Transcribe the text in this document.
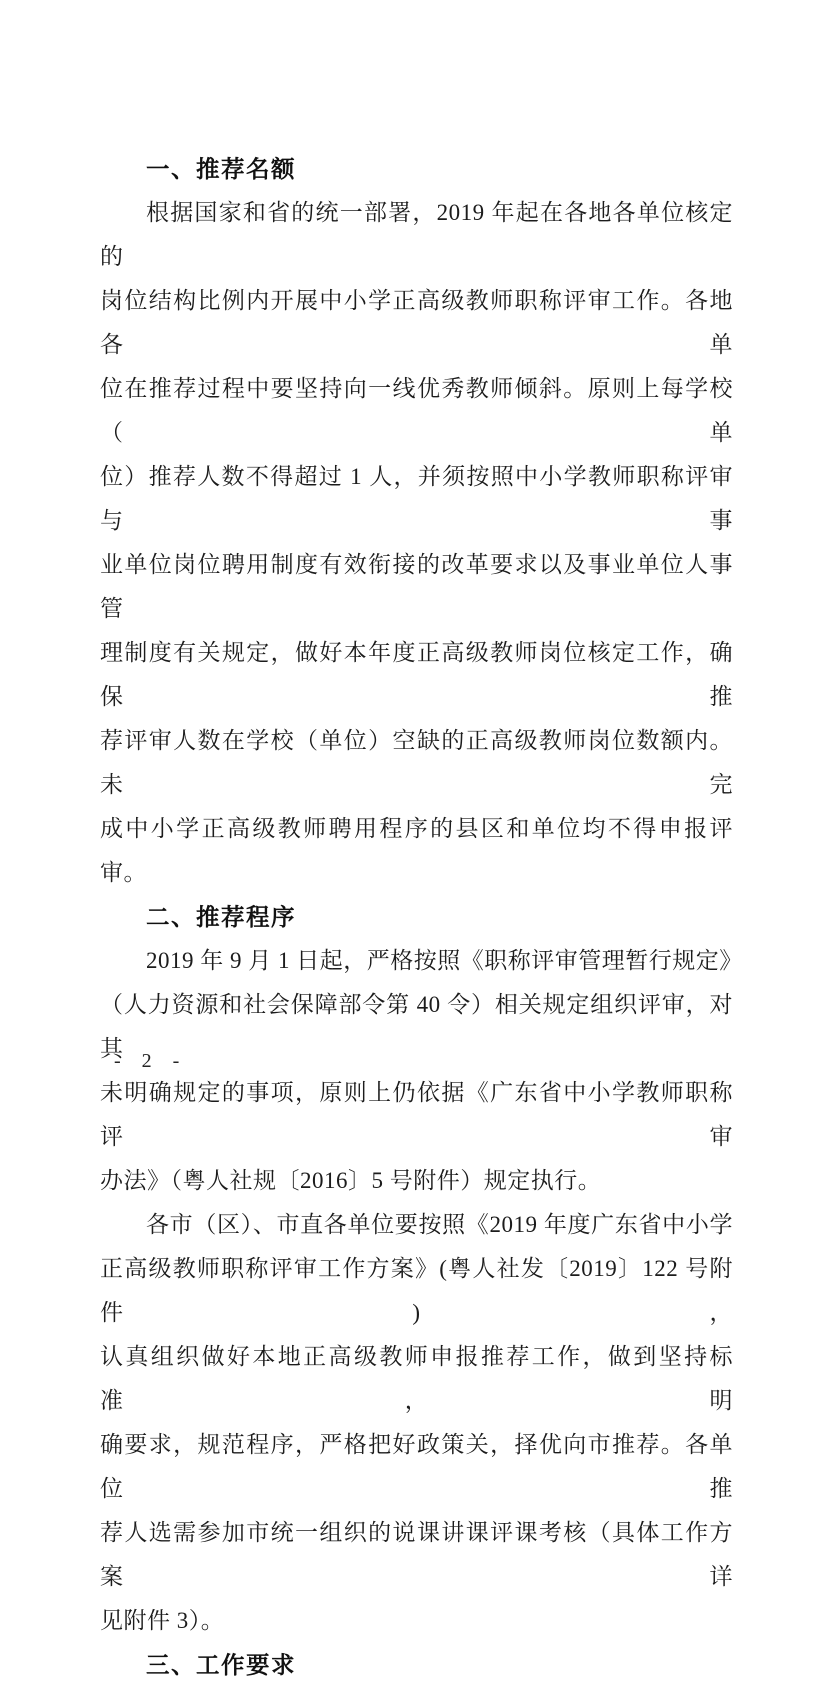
一、推荐名额

根据国家和省的统一部署，2019 年起在各地各单位核定的
岗位结构比例内开展中小学正高级教师职称评审工作。各地各单
位在推荐过程中要坚持向一线优秀教师倾斜。原则上每学校（单
位）推荐人数不得超过 1 人，并须按照中小学教师职称评审与事
业单位岗位聘用制度有效衔接的改革要求以及事业单位人事管
理制度有关规定，做好本年度正高级教师岗位核定工作，确保推
荐评审人数在学校（单位）空缺的正高级教师岗位数额内。未完
成中小学正高级教师聘用程序的县区和单位均不得申报评审。

二、推荐程序

2019 年 9 月 1 日起，严格按照《职称评审管理暂行规定》
（人力资源和社会保障部令第 40 令）相关规定组织评审，对其
未明确规定的事项，原则上仍依据《广东省中小学教师职称评审
办法》（粤人社规〔2016〕5 号附件）规定执行。

各市（区）、市直各单位要按照《2019 年度广东省中小学
正高级教师职称评审工作方案》(粤人社发〔2019〕122 号附件)，
认真组织做好本地正高级教师申报推荐工作，做到坚持标准，明
确要求，规范程序，严格把好政策关，择优向市推荐。各单位推
荐人选需参加市统一组织的说课讲课评课考核（具体工作方案详
见附件 3）。

三、工作要求
- 2 -
